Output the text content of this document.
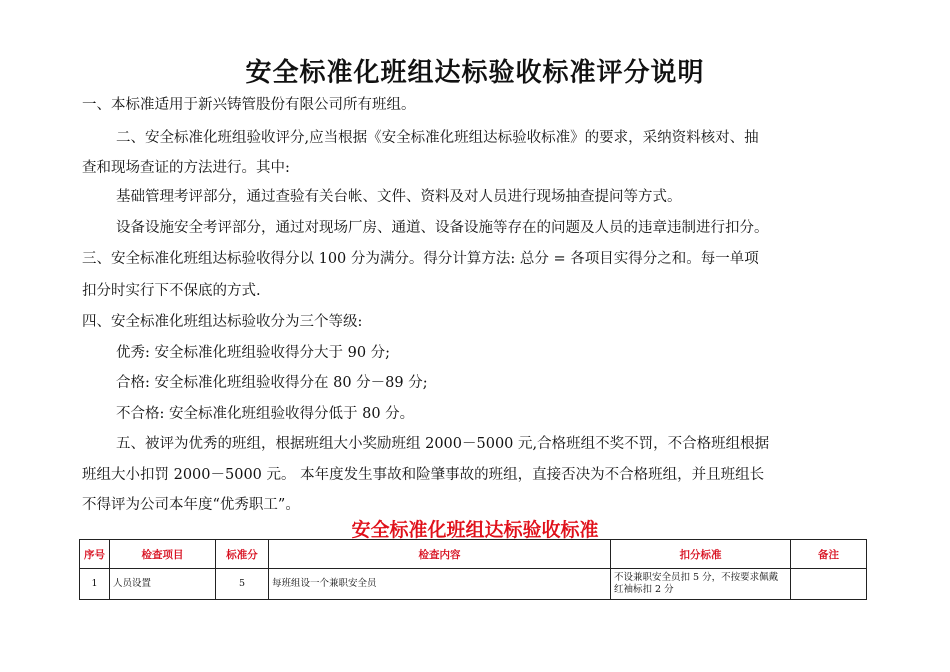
安全标准化班组达标验收标准评分说明
一、本标准适用于新兴铸管股份有限公司所有班组。
二、安全标准化班组验收评分,应当根据《安全标准化班组达标验收标准》的要求，采纳资料核对、抽
查和现场查证的方法进行。其中:
基础管理考评部分，通过查验有关台帐、文件、资料及对人员进行现场抽查提问等方式。
设备设施安全考评部分，通过对现场厂房、通道、设备设施等存在的问题及人员的违章违制进行扣分。
三、安全标准化班组达标验收得分以 100 分为满分。得分计算方法: 总分 = 各项目实得分之和。每一单项
扣分时实行下不保底的方式.
四、安全标准化班组达标验收分为三个等级:
优秀: 安全标准化班组验收得分大于 90 分;
合格: 安全标准化班组验收得分在 80 分－89 分;
不合格: 安全标准化班组验收得分低于 80 分。
五、被评为优秀的班组，根据班组大小奖励班组 2000－5000 元,合格班组不奖不罚，不合格班组根据
班组大小扣罚 2000－5000 元。 本年度发生事故和险肇事故的班组，直接否决为不合格班组，并且班组长
不得评为公司本年度“优秀职工”。
安全标准化班组达标验收标准
序号	检查项目	标准分	检查内容	扣分标准	备注
1	人员设置	5	每班组设一个兼职安全员	不设兼职安全员扣 5 分，不按要求佩戴红袖标扣 2 分	
